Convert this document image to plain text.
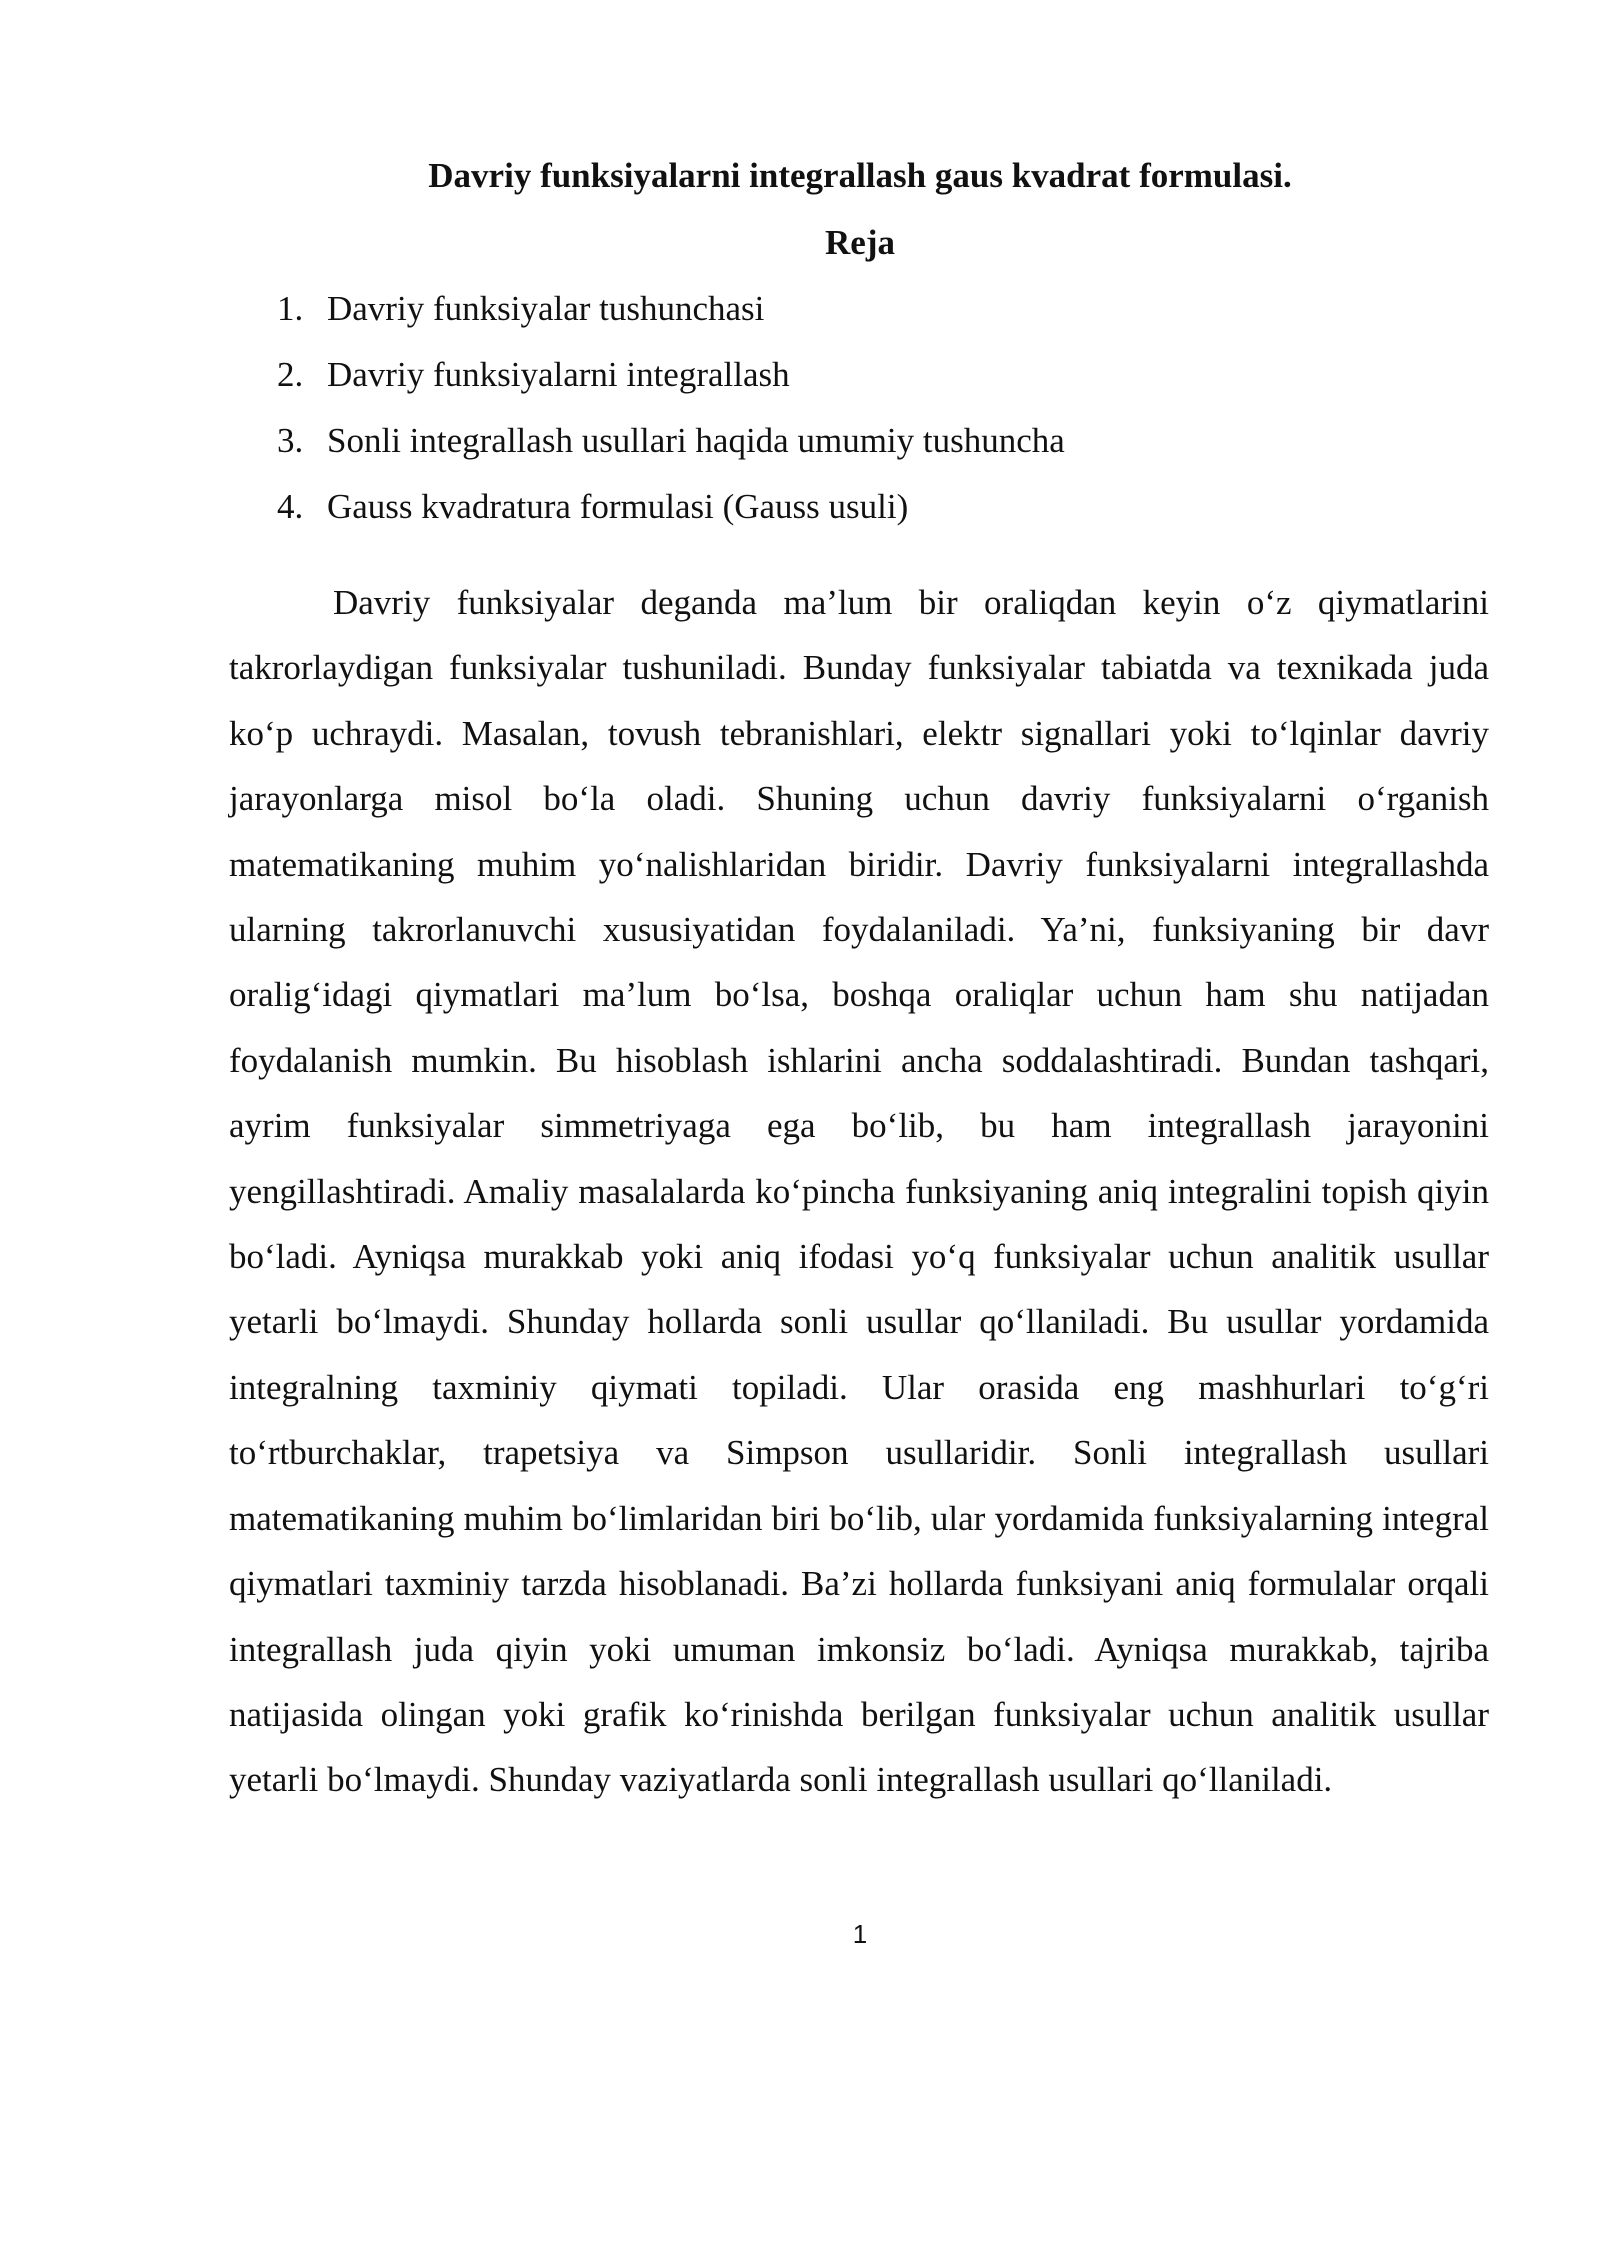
Davriy funksiyalarni integrallash gaus kvadrat formulasi.
Reja
1. Davriy funksiyalar tushunchasi
2. Davriy funksiyalarni integrallash
3. Sonli integrallash usullari haqida umumiy tushuncha
4. Gauss kvadratura formulasi (Gauss usuli)

Davriy funksiyalar deganda ma’lum bir oraliqdan keyin o‘z qiymatlarini takrorlaydigan funksiyalar tushuniladi. Bunday funksiyalar tabiatda va texnikada juda ko‘p uchraydi. Masalan, tovush tebranishlari, elektr signallari yoki to‘lqinlar davriy jarayonlarga misol bo‘la oladi. Shuning uchun davriy funksiyalarni o‘rganish matematikaning muhim yo‘nalishlaridan biridir. Davriy funksiyalarni integrallashda ularning takrorlanuvchi xususiyatidan foydalaniladi. Ya’ni, funksiyaning bir davr oralig‘idagi qiymatlari ma’lum bo‘lsa, boshqa oraliqlar uchun ham shu natijadan foydalanish mumkin. Bu hisoblash ishlarini ancha soddalashtiradi. Bundan tashqari, ayrim funksiyalar simmetriyaga ega bo‘lib, bu ham integrallash jarayonini yengillashtiradi. Amaliy masalalarda ko‘pincha funksiyaning aniq integralini topish qiyin bo‘ladi. Ayniqsa murakkab yoki aniq ifodasi yo‘q funksiyalar uchun analitik usullar yetarli bo‘lmaydi. Shunday hollarda sonli usullar qo‘llaniladi. Bu usullar yordamida integralning taxminiy qiymati topiladi. Ular orasida eng mashhurlari to‘g‘ri to‘rtburchaklar, trapetsiya va Simpson usullaridir. Sonli integrallash usullari matematikaning muhim bo‘limlaridan biri bo‘lib, ular yordamida funksiyalarning integral qiymatlari taxminiy tarzda hisoblanadi. Ba’zi hollarda funksiyani aniq formulalar orqali integrallash juda qiyin yoki umuman imkonsiz bo‘ladi. Ayniqsa murakkab, tajriba natijasida olingan yoki grafik ko‘rinishda berilgan funksiyalar uchun analitik usullar yetarli bo‘lmaydi. Shunday vaziyatlarda sonli integrallash usullari qo‘llaniladi.

1
